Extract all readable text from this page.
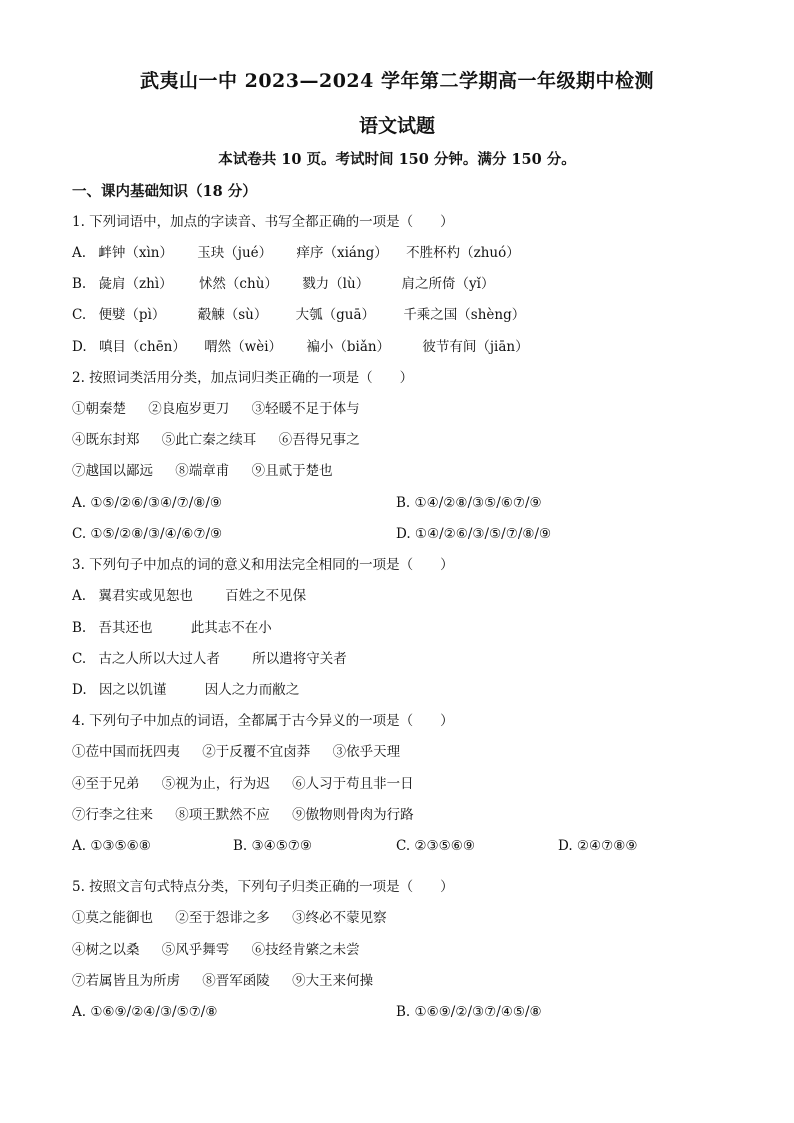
武夷山一中 2023—2024 学年第二学期高一年级期中检测
语文试题
本试卷共 10 页。考试时间 150 分钟。满分 150 分。
一、课内基础知识（18 分）
1. 下列词语中，加点的字读音、书写全都正确的一项是（　　）
A. 衅钟（xìn） 玉玦（jué） 痒序（xiáng） 不胜杯杓（zhuó）
B. 彘肩（zhì） 怵然（chù） 戮力（lù） 肩之所倚（yǐ）
C. 便嬖（pì） 觳觫（sù） 大瓠（guā） 千乘之国（shèng）
D. 嗔目（chēn） 喟然（wèi） 褊小（biǎn） 彼节有间（jiān）
2. 按照词类活用分类，加点词归类正确的一项是（　　）
①朝秦楚 ②良庖岁更刀 ③轻暖不足于体与
④既东封郑 ⑤此亡秦之续耳 ⑥吾得兄事之
⑦越国以鄙远 ⑧端章甫 ⑨且贰于楚也
A. ①⑤/②⑥/③④/⑦/⑧/⑨	B. ①④/②⑧/③⑤/⑥⑦/⑨
C. ①⑤/②⑧/③/④/⑥⑦/⑨	D. ①④/②⑥/③/⑤/⑦/⑧/⑨
3. 下列句子中加点的词的意义和用法完全相同的一项是（　　）
A. 翼君实或见恕也 百姓之不见保
B. 吾其还也	此其志不在小
C. 古之人所以大过人者 所以遣将守关者
D. 因之以饥谨	因人之力而敝之
4. 下列句子中加点的词语，全都属于古今异义的一项是（　　）
①莅中国而抚四夷 ②于反覆不宜卤莽 ③依乎天理
④至于兄弟 ⑤视为止，行为迟 ⑥人习于苟且非一日
⑦行李之往来 ⑧项王默然不应 ⑨傲物则骨肉为行路
A. ①③⑤⑥⑧	B. ③④⑤⑦⑨	C. ②③⑤⑥⑨	D. ②④⑦⑧⑨
5. 按照文言句式特点分类，下列句子归类正确的一项是（　　）
①莫之能御也 ②至于怨诽之多 ③终必不蒙见察
④树之以桑 ⑤风乎舞雩 ⑥技经肯綮之未尝
⑦若属皆且为所虏 ⑧晋军函陵 ⑨大王来何操
A. ①⑥⑨/②④/③/⑤⑦/⑧	B. ①⑥⑨/②/③⑦/④⑤/⑧
